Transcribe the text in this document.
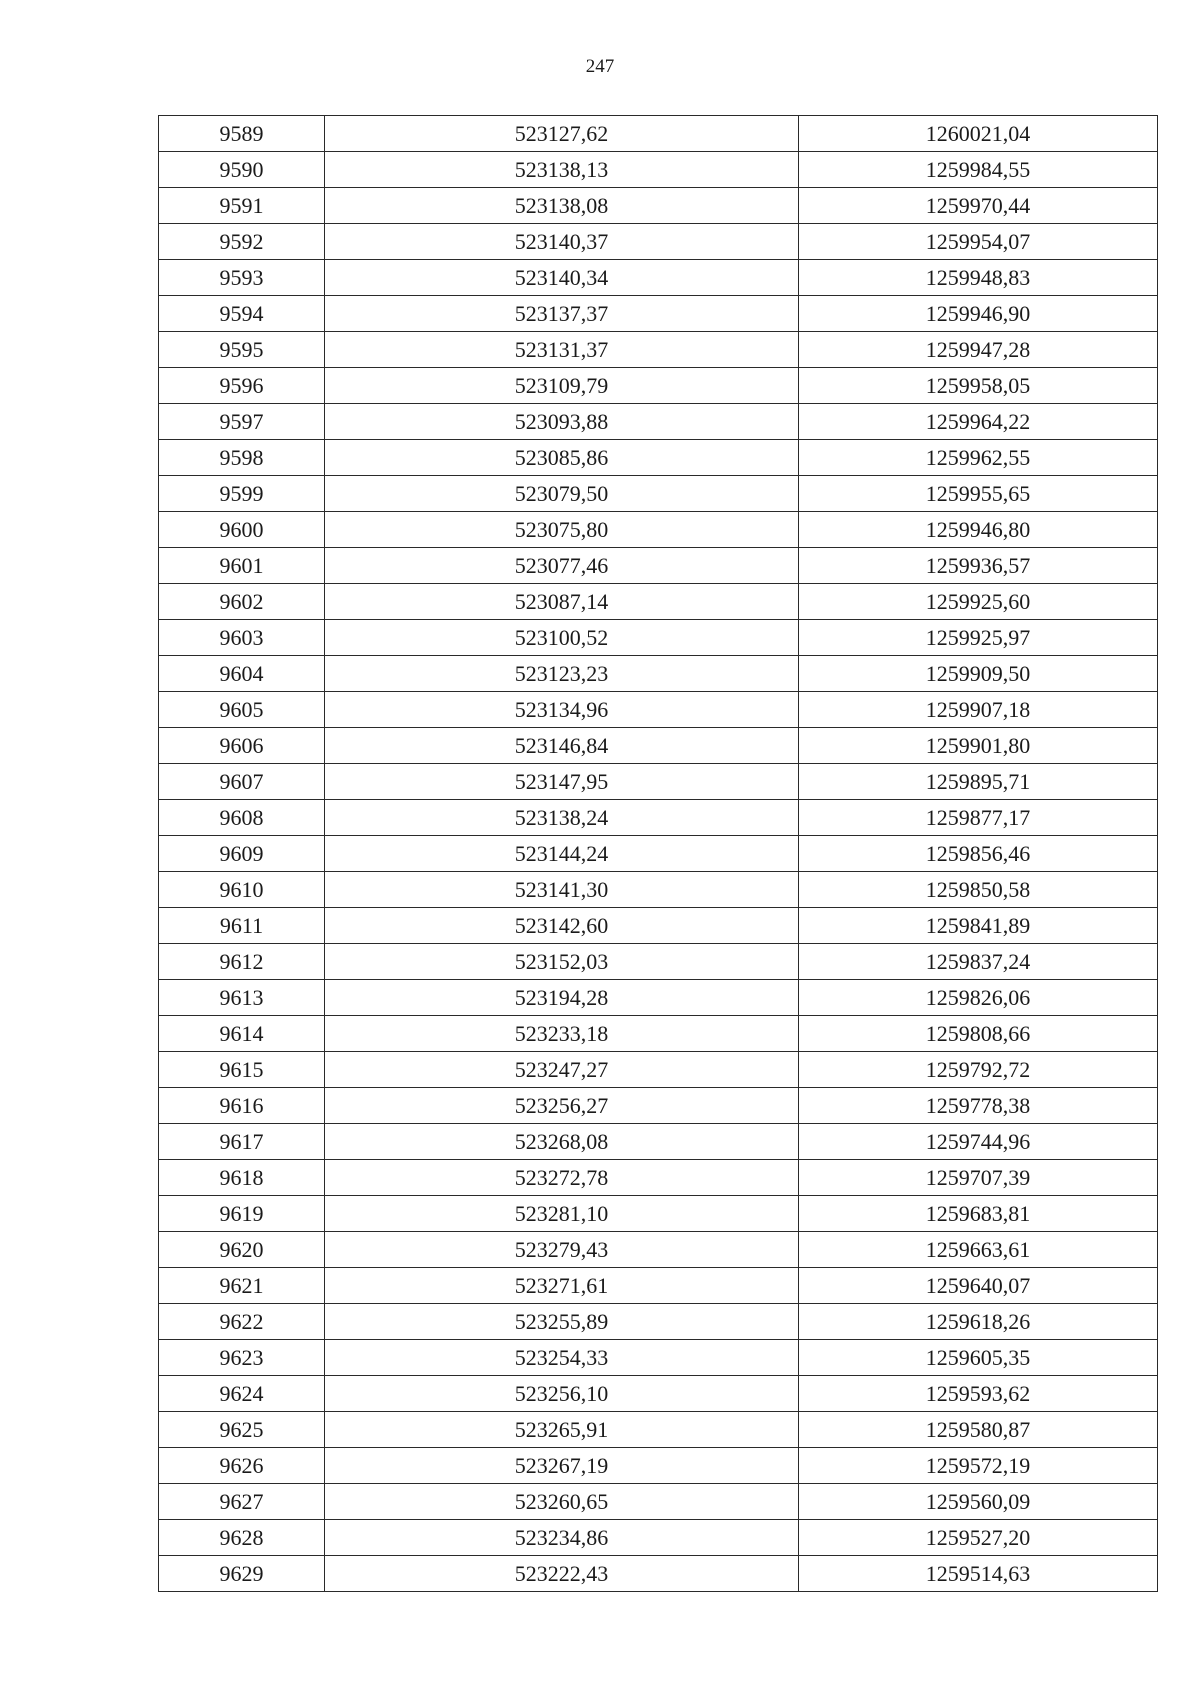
247
9589	523127,62	1260021,04
9590	523138,13	1259984,55
9591	523138,08	1259970,44
9592	523140,37	1259954,07
9593	523140,34	1259948,83
9594	523137,37	1259946,90
9595	523131,37	1259947,28
9596	523109,79	1259958,05
9597	523093,88	1259964,22
9598	523085,86	1259962,55
9599	523079,50	1259955,65
9600	523075,80	1259946,80
9601	523077,46	1259936,57
9602	523087,14	1259925,60
9603	523100,52	1259925,97
9604	523123,23	1259909,50
9605	523134,96	1259907,18
9606	523146,84	1259901,80
9607	523147,95	1259895,71
9608	523138,24	1259877,17
9609	523144,24	1259856,46
9610	523141,30	1259850,58
9611	523142,60	1259841,89
9612	523152,03	1259837,24
9613	523194,28	1259826,06
9614	523233,18	1259808,66
9615	523247,27	1259792,72
9616	523256,27	1259778,38
9617	523268,08	1259744,96
9618	523272,78	1259707,39
9619	523281,10	1259683,81
9620	523279,43	1259663,61
9621	523271,61	1259640,07
9622	523255,89	1259618,26
9623	523254,33	1259605,35
9624	523256,10	1259593,62
9625	523265,91	1259580,87
9626	523267,19	1259572,19
9627	523260,65	1259560,09
9628	523234,86	1259527,20
9629	523222,43	1259514,63
